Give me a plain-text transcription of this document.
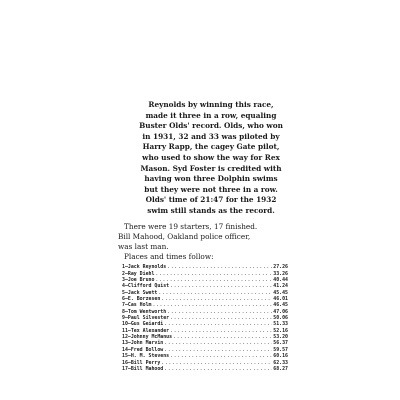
Reynolds by winning this race,
made it three in a row, equaling
Buster Olds' record. Olds, who won
in 1931, 32 and 33 was piloted by
Harry Rapp, the cagey Gate pilot,
who used to show the way for Rex
Mason. Syd Foster is credited with
having won three Dolphin swims
but they were not three in a row.
Olds' time of 21:47 for the 1932
swim still stands as the record.

There were 19 starters, 17 finished.
Bill Mahood, Oakland police officer,
was last man.
Places and times follow:

1 — Jack Reynolds .....	27.26
2 — Ray Diehl .....	33.26
3 — Joe Bruno .....	40.44
4 — Clifford Quist .....	41.24
5 — Jack Swett .....	45.45
6 — E. Borzesen .....	46.01
7 — Cas Holm .....	46.45
8 — Tom Wentworth .....	47.06
9 — Paul Silvester .....	50.06
10 — Gus Geiardi .....	51.33
11 — Tex Alexander .....	52.16
12 — Johnny McManus .....	53.20
13 — John Marvin .....	56.37
14 — Fred Bollow .....	59.57
15 — H. M. Stevens .....	60.16
16 — Bill Perry .....	62.33
17 — Bill Mahood .....	68.27
